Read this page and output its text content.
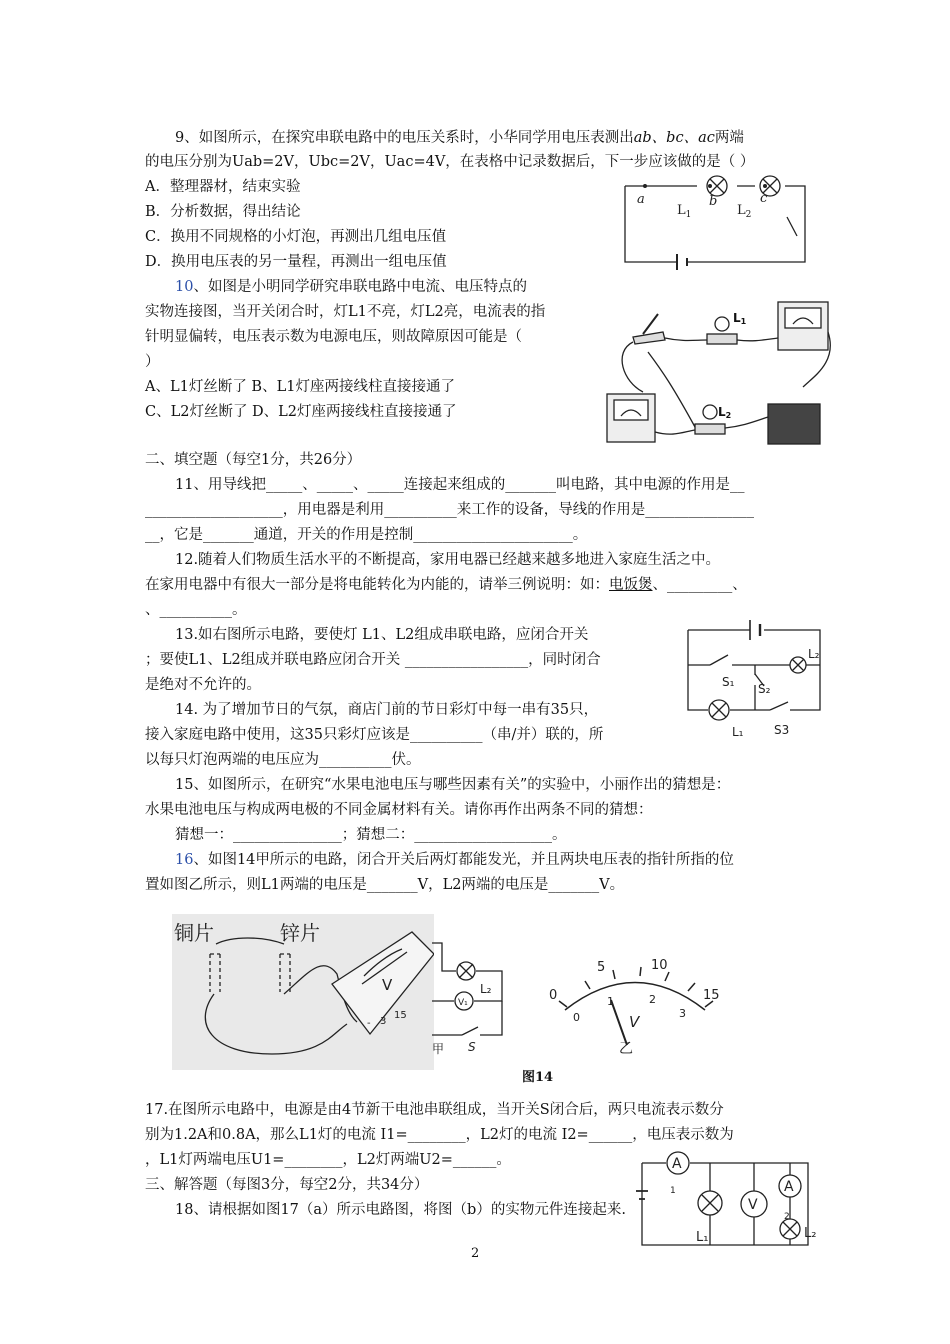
9、如图所示，在探究串联电路中的电压关系时，小华同学用电压表测出ab、bc、ac两端
的电压分别为Uab=2V，Ubc=2V，Uac=4V，在表格中记录数据后，下一步应该做的是（ ）
A．整理器材，结束实验
B．分析数据，得出结论
C．换用不同规格的小灯泡，再测出几组电压值
D．换用电压表的另一量程，再测出一组电压值
a	b	c
$L_1$	$L_2$
10、如图是小明同学研究串联电路中电流、电压特点的
实物连接图，当开关闭合时，灯L1不亮，灯L2亮，电流表的指
针明显偏转，电压表示数为电源电压，则故障原因可能是（
）
A、L1灯丝断了 B、L1灯座两接线柱直接接通了
C、L2灯丝断了 D、L2灯座两接线柱直接接通了
L1
L2
二、填空题（每空1分，共26分）
11、用导线把_____、_____、_____连接起来组成的_______叫电路，其中电源的作用是__
___________________，用电器是利用__________来工作的设备，导线的作用是_______________
__，它是_______通道，开关的作用是控制______________________。
12.随着人们物质生活水平的不断提高，家用电器已经越来越多地进入家庭生活之中。
在家用电器中有很大一部分是将电能转化为内能的，请举三例说明：如：电饭煲、_________、
、__________。
13.如右图所示电路，要使灯 L1、L2组成串联电路，应闭合开关
；要使L1、L2组成并联电路应闭合开关 _________________，同时闭合
是绝对不允许的。
L₂
S₁ S₂
L₁	S3
14. 为了增加节日的气氛，商店门前的节日彩灯中每一串有35只，
接入家庭电路中使用，这35只彩灯应该是__________（串/并）联的，所
以每只灯泡两端的电压应为__________伏。
15、如图所示，在研究“水果电池电压与哪些因素有关”的实验中，小丽作出的猜想是：
水果电池电压与构成两电极的不同金属材料有关。请你再作出两条不同的猜想：
猜想一：_______________；猜想二：___________________。
16、如图14甲所示的电路，闭合开关后两灯都能发光，并且两块电压表的指针所指的位
置如图乙所示，则L1两端的电压是_______V，L2两端的电压是_______V。
铜片	锌片
V
- 3
15
L₂
V₁
S
甲
0
5	10
15
0
1	2
3
V
乙
图14
17.在图所示电路中，电源是由4节新干电池串联组成，当开关S闭合后，两只电流表示数分
别为1.2A和0.8A，那么L1灯的电流 I1=________，L2灯的电流 I2=______，电压表示数为
，L1灯两端电压U1=________，L2灯两端U2=______。
三、解答题（每图3分，每空2分，共34分）
18、请根据如图17（a）所示电路图，将图（b）的实物元件连接起来.
A
A
V
L₁	L₂
1
2
2
